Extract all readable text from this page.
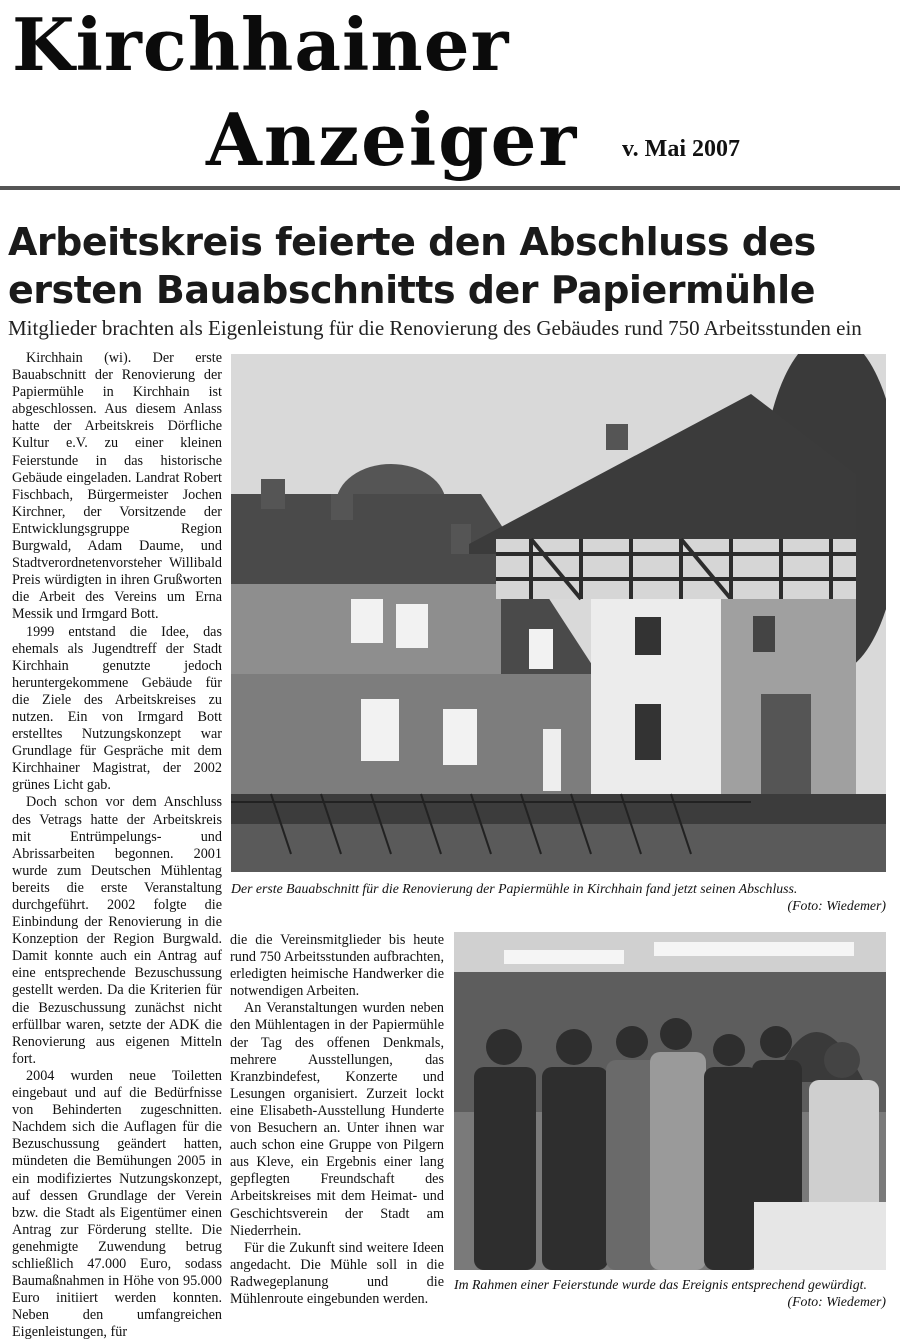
Kirchhainer
Anzeiger v. Mai 2007
Arbeitskreis feierte den Abschluss des ersten Bauabschnitts der Papiermühle
Mitglieder brachten als Eigenleistung für die Renovierung des Gebäudes rund 750 Arbeitsstunden ein

Kirchhain (wi). Der erste Bauabschnitt der Renovierung der Papiermühle in Kirchhain ist abgeschlossen. Aus diesem Anlass hatte der Arbeitskreis Dörfliche Kultur e.V. zu einer kleinen Feierstunde in das historische Gebäude eingeladen. Landrat Robert Fischbach, Bürgermeister Jochen Kirchner, der Vorsitzende der Entwicklungsgruppe Region Burgwald, Adam Daume, und Stadtverordnetenvorsteher Willibald Preis würdigten in ihren Grußworten die Arbeit des Vereins um Erna Messik und Irmgard Bott.

1999 entstand die Idee, das ehemals als Jugendtreff der Stadt Kirchhain genutzte jedoch heruntergekommene Gebäude für die Ziele des Arbeitskreises zu nutzen. Ein von Irmgard Bott erstelltes Nutzungskonzept war Grundlage für Gespräche mit dem Kirchhainer Magistrat, der 2002 grünes Licht gab.

Doch schon vor dem Anschluss des Vetrags hatte der Arbeitskreis mit Entrümpelungs- und Abrissarbeiten begonnen. 2001 wurde zum Deutschen Mühlentag bereits die erste Veranstaltung durchgeführt. 2002 folgte die Einbindung der Renovierung in die Konzeption der Region Burgwald. Damit konnte auch ein Antrag auf eine entsprechende Bezuschussung gestellt werden. Da die Kriterien für die Bezuschussung zunächst nicht erfüllbar waren, setzte der ADK die Renovierung aus eigenen Mitteln fort.

2004 wurden neue Toiletten eingebaut und auf die Bedürfnisse von Behinderten zugeschnitten. Nachdem sich die Auflagen für die Bezuschussung geändert hatten, mündeten die Bemühungen 2005 in ein modifiziertes Nutzungskonzept, auf dessen Grundlage der Verein bzw. die Stadt als Eigentümer einen Antrag zur Förderung stellte. Die genehmigte Zuwendung betrug schließlich 47.000 Euro, sodass Baumaßnahmen in Höhe von 95.000 Euro initiiert werden konnten. Neben den umfangreichen Eigenleistungen, für

Der erste Bauabschnitt für die Renovierung der Papiermühle in Kirchhain fand jetzt seinen Abschluss.
(Foto: Wiedemer)

die die Vereinsmitglieder bis heute rund 750 Arbeitsstunden aufbrachten, erledigten heimische Handwerker die notwendigen Arbeiten.

An Veranstaltungen wurden neben den Mühlentagen in der Papiermühle der Tag des offenen Denkmals, mehrere Ausstellungen, das Kranzbindefest, Konzerte und Lesungen organisiert. Zurzeit lockt eine Elisabeth-Ausstellung Hunderte von Besuchern an. Unter ihnen war auch schon eine Gruppe von Pilgern aus Kleve, ein Ergebnis einer lang gepflegten Freundschaft des Arbeitskreises mit dem Heimat- und Geschichtsverein der Stadt am Niederrhein.

Für die Zukunft sind weitere Ideen angedacht. Die Mühle soll in die Radwegeplanung und die Mühlenroute eingebunden werden.

Im Rahmen einer Feierstunde wurde das Ereignis entsprechend gewürdigt.
(Foto: Wiedemer)
